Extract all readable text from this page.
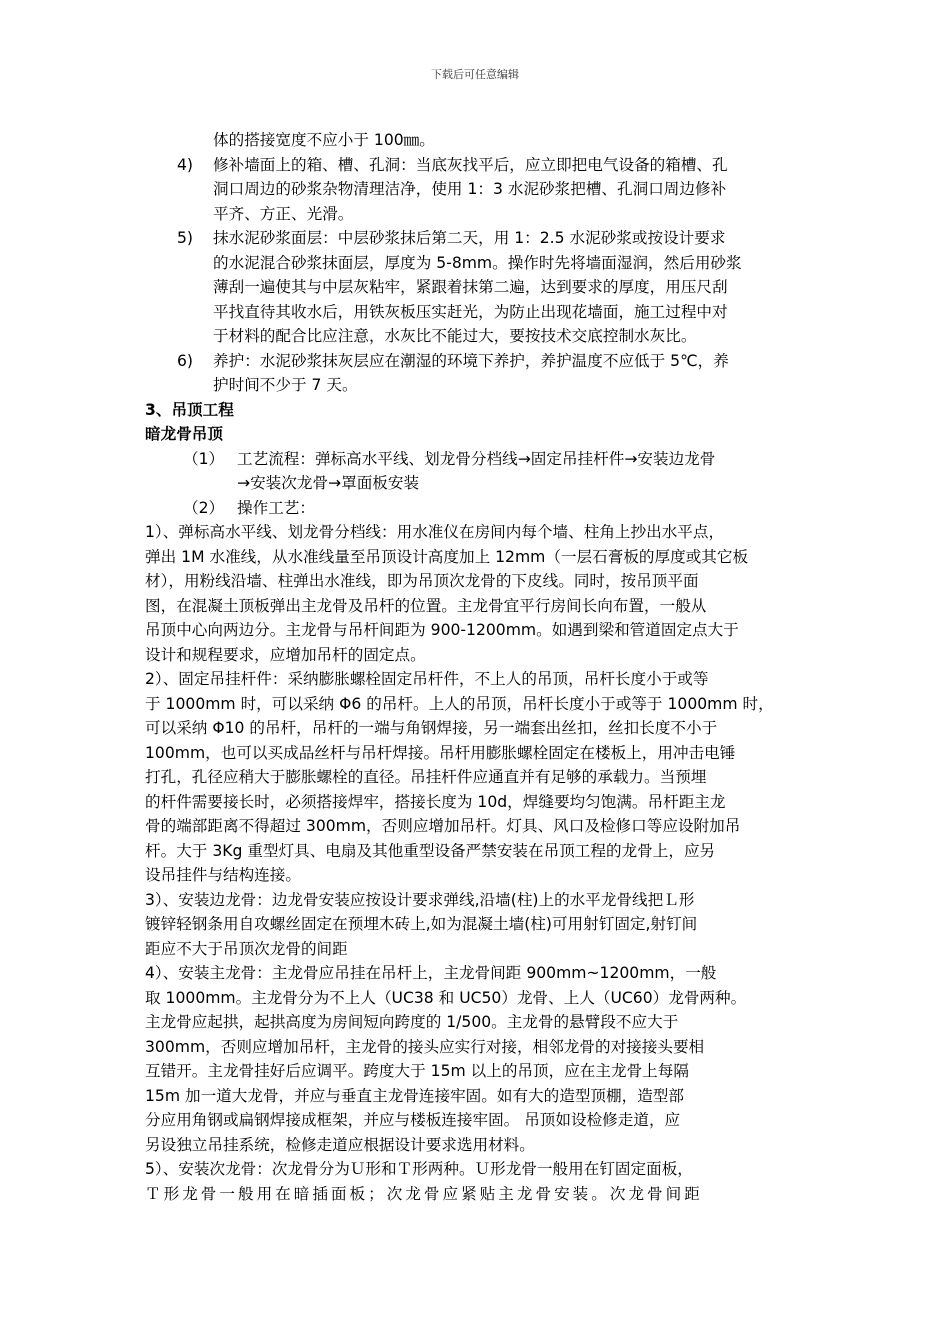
下载后可任意编辑
体的搭接宽度不应小于 100㎜。
4) 修补墙面上的箱、槽、孔洞：当底灰找平后，应立即把电气设备的箱槽、孔
洞口周边的砂浆杂物清理洁净，使用 1：3 水泥砂浆把槽、孔洞口周边修补
平齐、方正、光滑。
5) 抹水泥砂浆面层：中层砂浆抹后第二天，用 1：2.5 水泥砂浆或按设计要求
的水泥混合砂浆抹面层，厚度为 5-8mm。操作时先将墙面湿润，然后用砂浆
薄刮一遍使其与中层灰粘牢，紧跟着抹第二遍，达到要求的厚度，用压尺刮
平找直待其收水后，用铁灰板压实赶光，为防止出现花墙面，施工过程中对
于材料的配合比应注意，水灰比不能过大，要按技术交底控制水灰比。
6) 养护：水泥砂浆抹灰层应在潮湿的环境下养护，养护温度不应低于 5℃，养
护时间不少于 7 天。
3、吊顶工程
暗龙骨吊顶
（1） 工艺流程：弹标高水平线、划龙骨分档线→固定吊挂杆件→安装边龙骨
→安装次龙骨→罩面板安装
（2） 操作工艺：
1）、弹标高水平线、划龙骨分档线：用水准仪在房间内每个墙、柱角上抄出水平点，
弹出 1M 水准线，从水准线量至吊顶设计高度加上 12mm（一层石膏板的厚度或其它板
材），用粉线沿墙、柱弹出水准线，即为吊顶次龙骨的下皮线。同时，按吊顶平面
图，在混凝土顶板弹出主龙骨及吊杆的位置。主龙骨宜平行房间长向布置，一般从
吊顶中心向两边分。主龙骨与吊杆间距为 900-1200mm。如遇到梁和管道固定点大于
设计和规程要求，应增加吊杆的固定点。
2）、固定吊挂杆件：采纳膨胀螺栓固定吊杆件，不上人的吊顶，吊杆长度小于或等
于 1000mm 时，可以采纳 Φ6 的吊杆。上人的吊顶，吊杆长度小于或等于 1000mm 时，
可以采纳 Φ10 的吊杆，吊杆的一端与角钢焊接，另一端套出丝扣，丝扣长度不小于
100mm，也可以买成品丝杆与吊杆焊接。吊杆用膨胀螺栓固定在楼板上，用冲击电锤
打孔，孔径应稍大于膨胀螺栓的直径。吊挂杆件应通直并有足够的承载力。当预埋
的杆件需要接长时，必须搭接焊牢，搭接长度为 10d，焊缝要均匀饱满。吊杆距主龙
骨的端部距离不得超过 300mm，否则应增加吊杆。灯具、风口及检修口等应设附加吊
杆。大于 3Kg 重型灯具、电扇及其他重型设备严禁安装在吊顶工程的龙骨上，应另
设吊挂件与结构连接。
3）、安装边龙骨：边龙骨安装应按设计要求弹线,沿墙(柱)上的水平龙骨线把Ｌ形
镀锌轻钢条用自攻螺丝固定在预埋木砖上,如为混凝土墙(柱)可用射钉固定,射钉间
距应不大于吊顶次龙骨的间距
4）、安装主龙骨：主龙骨应吊挂在吊杆上，主龙骨间距 900mm~1200mm，一般
取 1000mm。主龙骨分为不上人（UC38 和 UC50）龙骨、上人（UC60）龙骨两种。
主龙骨应起拱，起拱高度为房间短向跨度的 1/500。主龙骨的悬臂段不应大于
300mm，否则应增加吊杆，主龙骨的接头应实行对接，相邻龙骨的对接接头要相
互错开。主龙骨挂好后应调平。跨度大于 15m 以上的吊顶，应在主龙骨上每隔
15m 加一道大龙骨，并应与垂直主龙骨连接牢固。如有大的造型顶棚，造型部
分应用角钢或扁钢焊接成框架，并应与楼板连接牢固。 吊顶如设检修走道，应
另设独立吊挂系统，检修走道应根据设计要求选用材料。
5）、安装次龙骨：次龙骨分为Ｕ形和Ｔ形两种。Ｕ形龙骨一般用在钉固定面板，
Ｔ形龙骨一般用在暗插面板；次龙骨应紧贴主龙骨安装。次龙骨间距
